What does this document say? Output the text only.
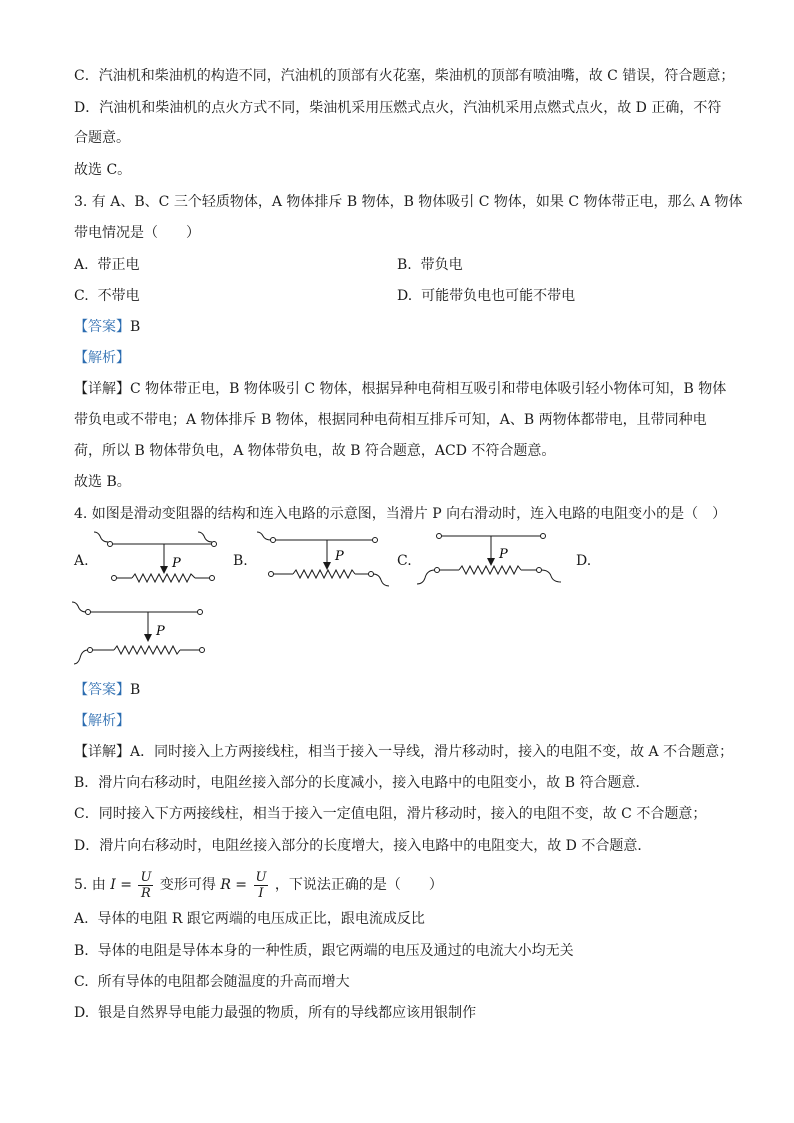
C．汽油机和柴油机的构造不同，汽油机的顶部有火花塞，柴油机的顶部有喷油嘴，故 C 错误，符合题意；
D．汽油机和柴油机的点火方式不同，柴油机采用压燃式点火，汽油机采用点燃式点火，故 D 正确，不符
合题意。
故选 C。
3. 有 A、B、C 三个轻质物体，A 物体排斥 B 物体，B 物体吸引 C 物体，如果 C 物体带正电，那么 A 物体
带电情况是（　　）
A. 带正电	B. 带负电
C. 不带电	D. 可能带负电也可能不带电
【答案】B
【解析】
【详解】C 物体带正电，B 物体吸引 C 物体，根据异种电荷相互吸引和带电体吸引轻小物体可知，B 物体
带负电或不带电；A 物体排斥 B 物体，根据同种电荷相互排斥可知，A、B 两物体都带电，且带同种电
荷，所以 B 物体带负电，A 物体带负电，故 B 符合题意，ACD 不符合题意。
故选 B。
4. 如图是滑动变阻器的结构和连入电路的示意图，当滑片 P 向右滑动时，连入电路的电阻变小的是（　）
A.	P	B.	P	C.	P	D.
P
【答案】B
【解析】
【详解】A．同时接入上方两接线柱，相当于接入一导线，滑片移动时，接入的电阻不变，故 A 不合题意；
B．滑片向右移动时，电阻丝接入部分的长度减小，接入电路中的电阻变小，故 B 符合题意．
C．同时接入下方两接线柱，相当于接入一定值电阻，滑片移动时，接入的电阻不变，故 C 不合题意；
D．滑片向右移动时，电阻丝接入部分的长度增大，接入电路中的电阻变大，故 D 不合题意．
5. 由 $I = \frac{U}{R}$ 变形可得 $R = \frac{U}{I}$ ，下说法正确的是（　　）
A. 导体的电阻 R 跟它两端的电压成正比，跟电流成反比
B. 导体的电阻是导体本身的一种性质，跟它两端的电压及通过的电流大小均无关
C. 所有导体的电阻都会随温度的升高而增大
D. 银是自然界导电能力最强的物质，所有的导线都应该用银制作
